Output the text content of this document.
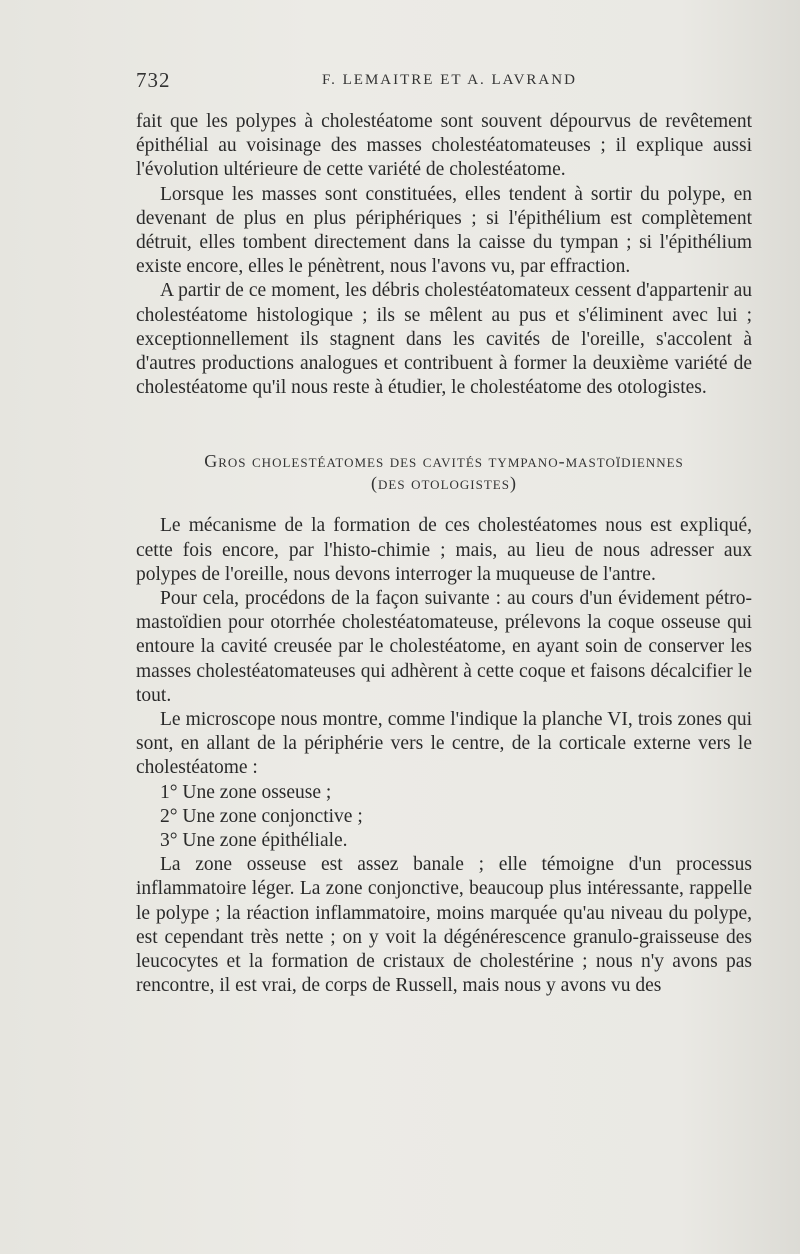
732	F. LEMAITRE ET A. LAVRAND

fait que les polypes à cholestéatome sont souvent dépourvus de revêtement épithélial au voisinage des masses cholestéatomateuses ; il explique aussi l'évolution ultérieure de cette variété de cholestéatome.

Lorsque les masses sont constituées, elles tendent à sortir du polype, en devenant de plus en plus périphériques ; si l'épithélium est complètement détruit, elles tombent directement dans la caisse du tympan ; si l'épithélium existe encore, elles le pénètrent, nous l'avons vu, par effraction.

A partir de ce moment, les débris cholestéatomateux cessent d'appartenir au cholestéatome histologique ; ils se mêlent au pus et s'éliminent avec lui ; exceptionnellement ils stagnent dans les cavités de l'oreille, s'accolent à d'autres productions analogues et contribuent à former la deuxième variété de cholestéatome qu'il nous reste à étudier, le cholestéatome des otologistes.

Gros cholestéatomes des cavités tympano-mastoïdiennes
(des otologistes)

Le mécanisme de la formation de ces cholestéatomes nous est expliqué, cette fois encore, par l'histo-chimie ; mais, au lieu de nous adresser aux polypes de l'oreille, nous devons interroger la muqueuse de l'antre.

Pour cela, procédons de la façon suivante : au cours d'un évidement pétro-mastoïdien pour otorrhée cholestéatomateuse, prélevons la coque osseuse qui entoure la cavité creusée par le cholestéatome, en ayant soin de conserver les masses cholestéatomateuses qui adhèrent à cette coque et faisons décalcifier le tout.

Le microscope nous montre, comme l'indique la planche VI, trois zones qui sont, en allant de la périphérie vers le centre, de la corticale externe vers le cholestéatome :

1° Une zone osseuse ;

2° Une zone conjonctive ;

3° Une zone épithéliale.

La zone osseuse est assez banale ; elle témoigne d'un processus inflammatoire léger. La zone conjonctive, beaucoup plus intéressante, rappelle le polype ; la réaction inflammatoire, moins marquée qu'au niveau du polype, est cependant très nette ; on y voit la dégénérescence granulo-graisseuse des leucocytes et la formation de cristaux de cholestérine ; nous n'y avons pas rencontre, il est vrai, de corps de Russell, mais nous y avons vu des
